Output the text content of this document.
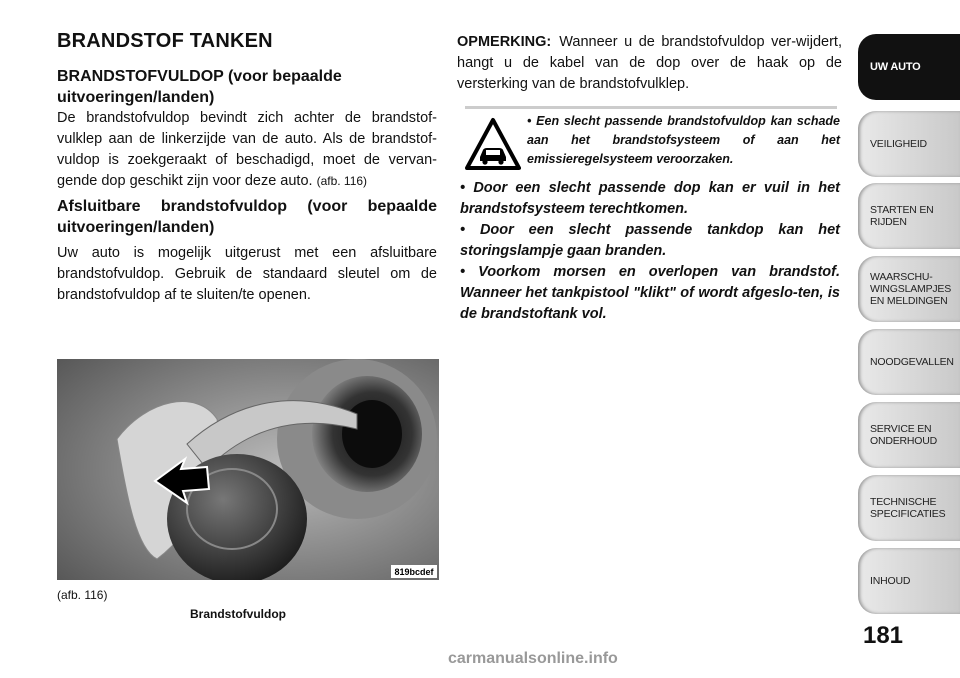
BRANDSTOF TANKEN
BRANDSTOFVULDOP (voor bepaalde uitvoeringen/landen)
De brandstofvuldop bevindt zich achter de brandstof-vulklep aan de linkerzijde van de auto. Als de brandstof-vuldop is zoekgeraakt of beschadigd, moet de vervan-gende dop geschikt zijn voor deze auto. (afb. 116)
Afsluitbare brandstofvuldop (voor bepaalde uitvoeringen/landen)
Uw auto is mogelijk uitgerust met een afsluitbare brandstofvuldop. Gebruik de standaard sleutel om de brandstofvuldop af te sluiten/te openen.
819bcdef
(afb. 116)
Brandstofvuldop
OPMERKING: Wanneer u de brandstofvuldop ver-wijdert, hangt u de kabel van de dop over de haak op de versterking van de brandstofvulklep.
• Een slecht passende brandstofvuldop kan schade aan het brandstofsysteem of aan het emissieregelsysteem veroorzaken.

• Door een slecht passende dop kan er vuil in het brandstofsysteem terechtkomen.

• Door een slecht passende tankdop kan het storingslampje gaan branden.

• Voorkom morsen en overlopen van brandstof. Wanneer het tankpistool "klikt" of wordt afgeslo-ten, is de brandstoftank vol.

UW AUTO
VEILIGHEID
STARTEN EN
RIJDEN
WAARSCHU-
WINGSLAMPJES
EN MELDINGEN
NOODGEVALLEN
SERVICE EN
ONDERHOUD
TECHNISCHE
SPECIFICATIES
INHOUD
181
carmanualsonline.info
